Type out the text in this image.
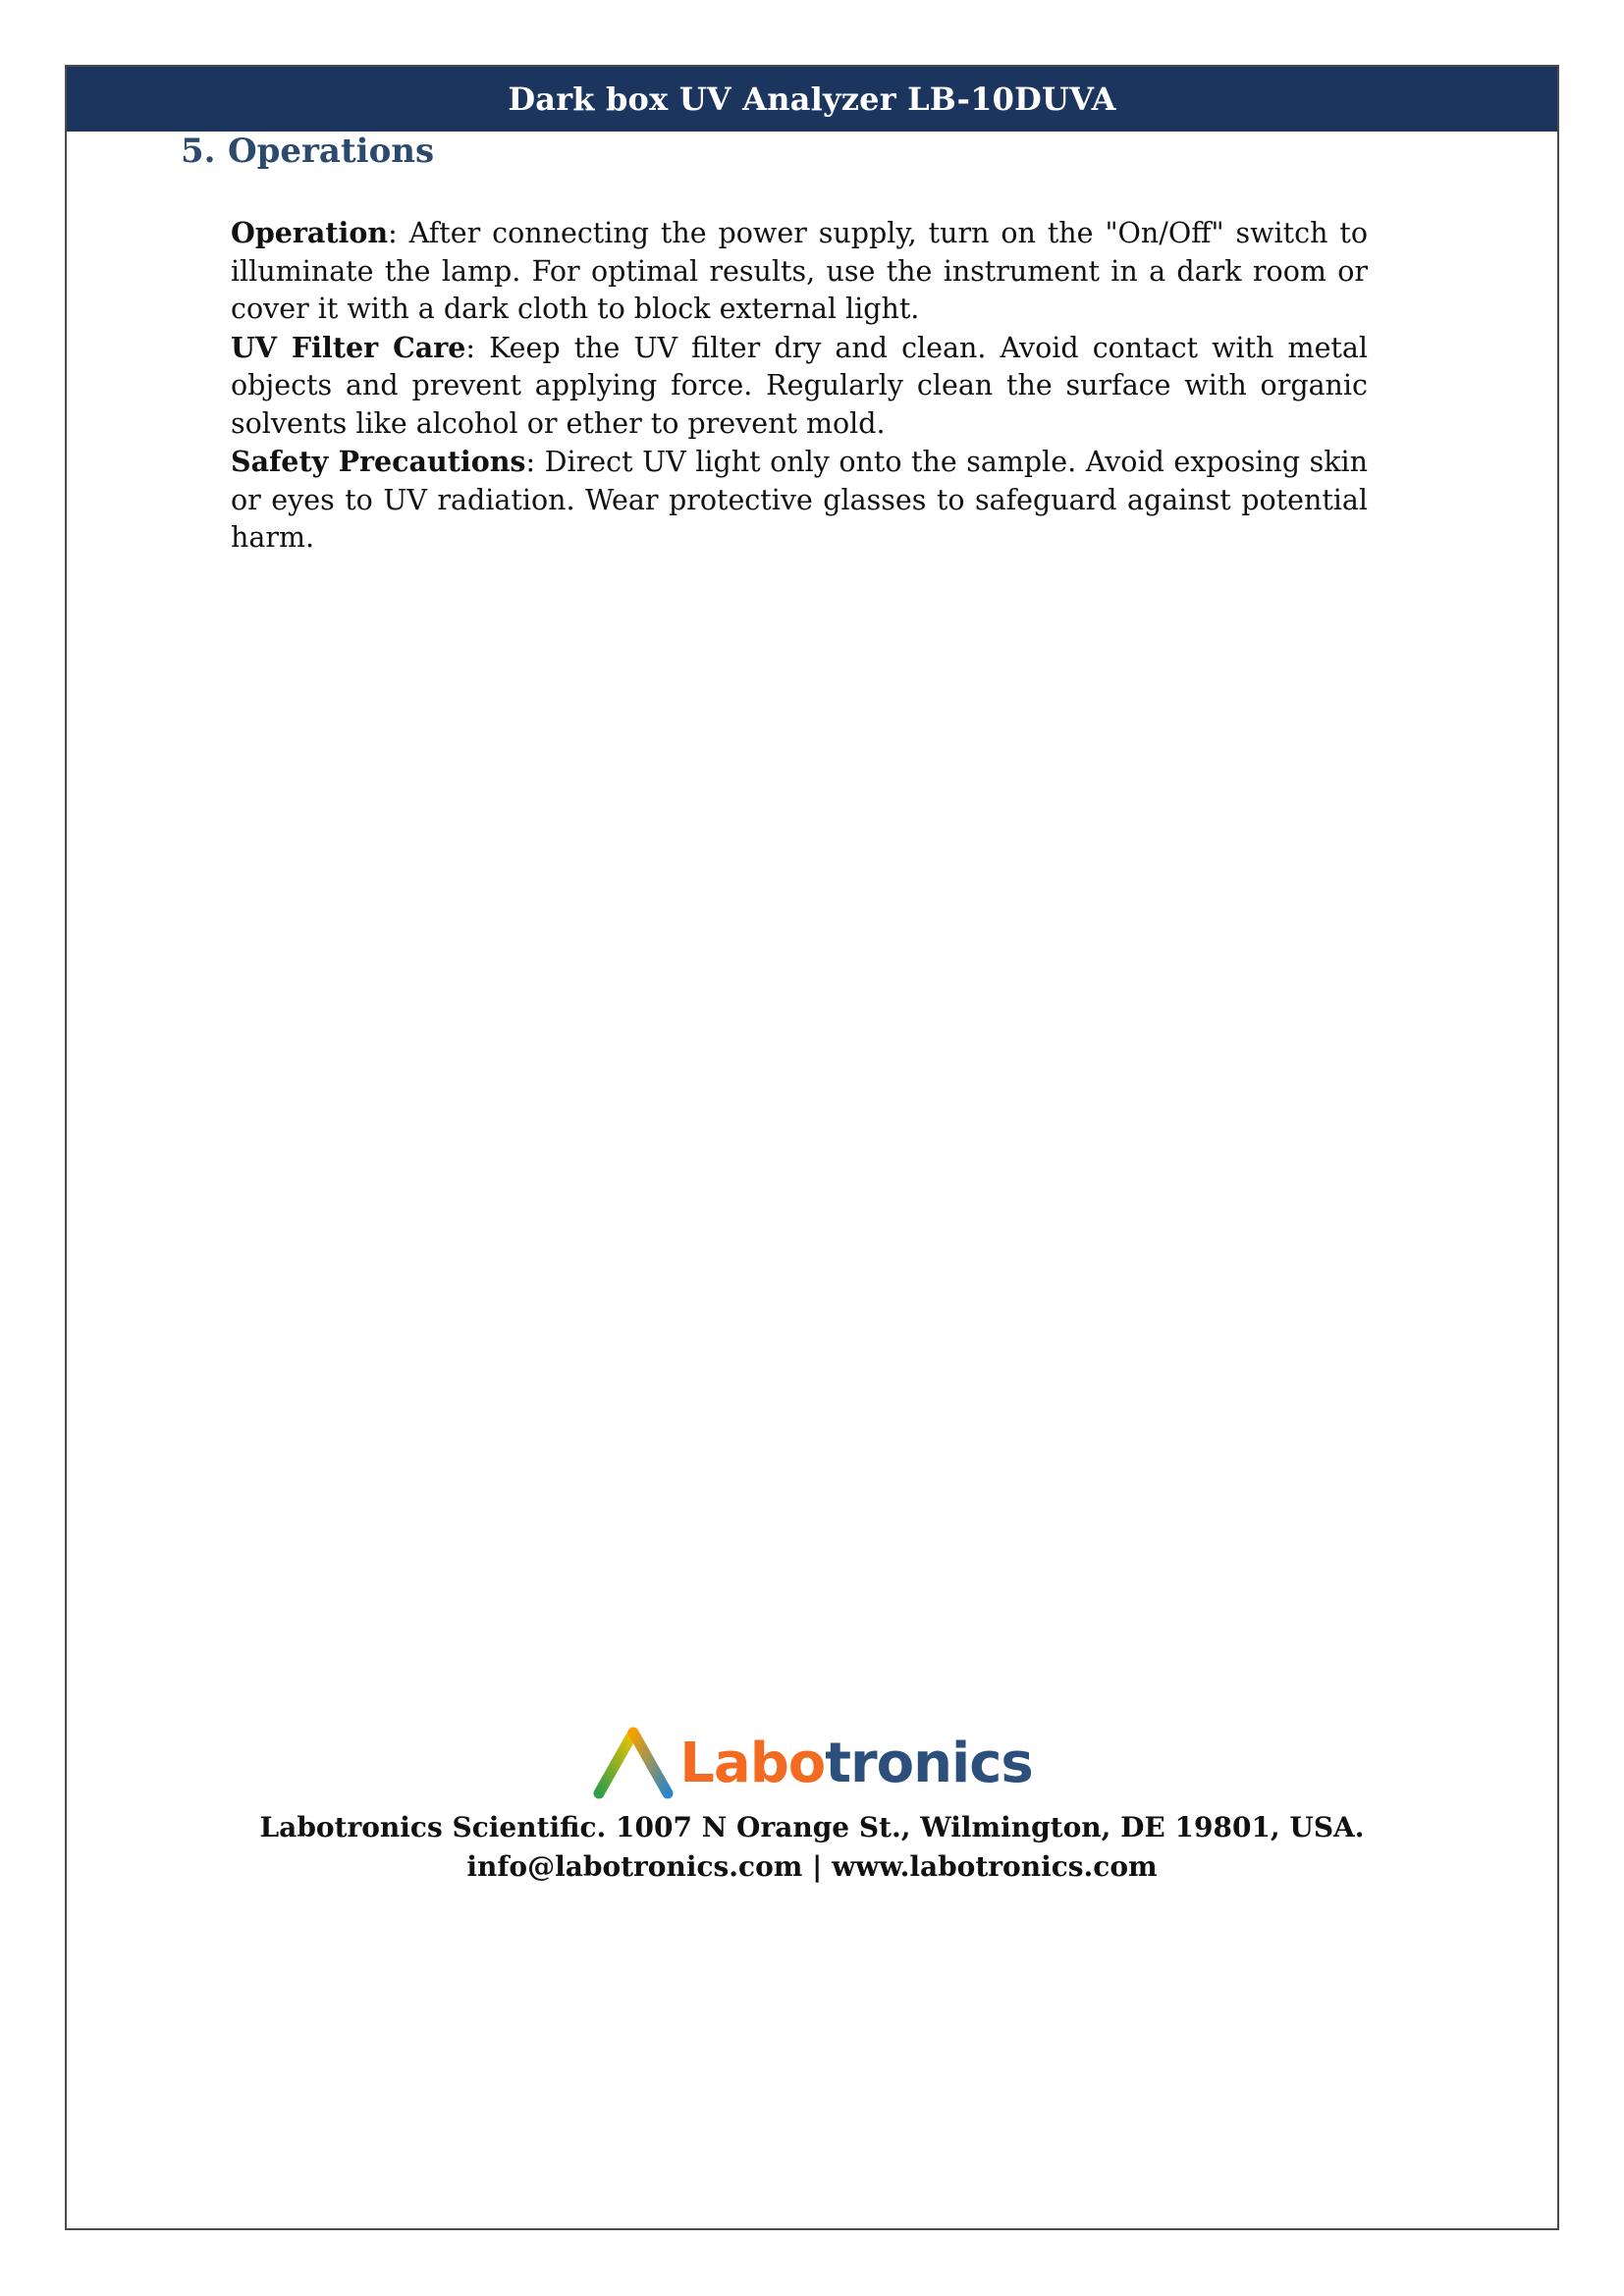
Dark box UV Analyzer LB-10DUVA
5. Operations

Operation: After connecting the power supply, turn on the "On/Off" switch to illuminate the lamp. For optimal results, use the instrument in a dark room or cover it with a dark cloth to block external light.

UV Filter Care: Keep the UV filter dry and clean. Avoid contact with metal objects and prevent applying force. Regularly clean the surface with organic solvents like alcohol or ether to prevent mold.

Safety Precautions: Direct UV light only onto the sample. Avoid exposing skin or eyes to UV radiation. Wear protective glasses to safeguard against potential harm.

Labotronics
Labotronics Scientific. 1007 N Orange St., Wilmington, DE 19801, USA.
info@labotronics.com | www.labotronics.com
